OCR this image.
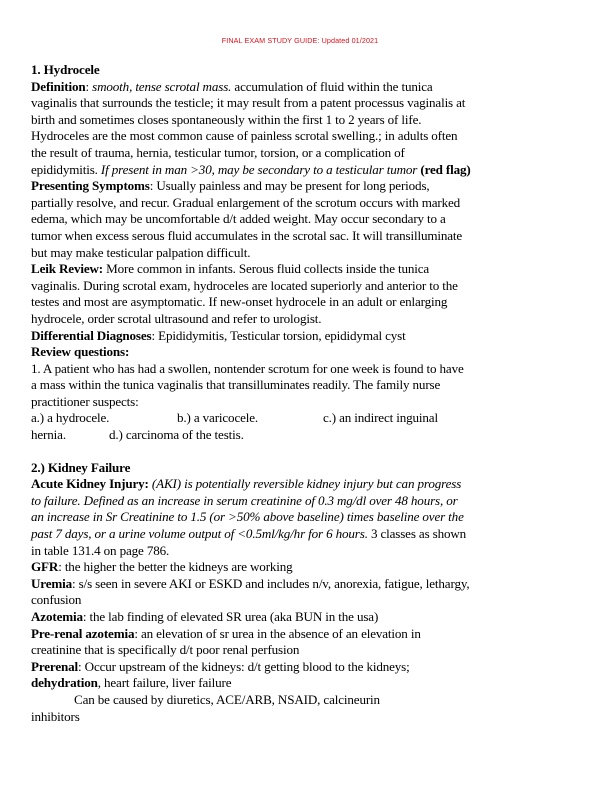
FINAL EXAM STUDY GUIDE: Updated 01/2021

1. Hydrocele

Definition: smooth, tense scrotal mass. accumulation of fluid within the tunica vaginalis that surrounds the testicle; it may result from a patent processus vaginalis at birth and sometimes closes spontaneously within the first 1 to 2 years of life. Hydroceles are the most common cause of painless scrotal swelling.; in adults often the result of trauma, hernia, testicular tumor, torsion, or a complication of epididymitis. If present in man >30, may be secondary to a testicular tumor (red flag)

Presenting Symptoms: Usually painless and may be present for long periods, partially resolve, and recur. Gradual enlargement of the scrotum occurs with marked edema, which may be uncomfortable d/t added weight. May occur secondary to a tumor when excess serous fluid accumulates in the scrotal sac. It will transilluminate but may make testicular palpation difficult.

Leik Review: More common in infants. Serous fluid collects inside the tunica vaginalis. During scrotal exam, hydroceles are located superiorly and anterior to the testes and most are asymptomatic. If new-onset hydrocele in an adult or enlarging hydrocele, order scrotal ultrasound and refer to urologist.

Differential Diagnoses: Epididymitis, Testicular torsion, epididymal cyst

Review questions:

1. A patient who has had a swollen, nontender scrotum for one week is found to have a mass within the tunica vaginalis that transilluminates readily. The family nurse practitioner suspects:

a.) a hydrocele.	b.) a varicocele.	c.) an indirect inguinal

hernia.	d.) carcinoma of the testis.

2.) Kidney Failure

Acute Kidney Injury: (AKI) is potentially reversible kidney injury but can progress to failure. Defined as an increase in serum creatinine of 0.3 mg/dl over 48 hours, or an increase in Sr Creatinine to 1.5 (or >50% above baseline) times baseline over the past 7 days, or a urine volume output of <0.5ml/kg/hr for 6 hours. 3 classes as shown in table 131.4 on page 786.

GFR: the higher the better the kidneys are working

Uremia: s/s seen in severe AKI or ESKD and includes n/v, anorexia, fatigue, lethargy, confusion

Azotemia: the lab finding of elevated SR urea (aka BUN in the usa)

Pre-renal azotemia: an elevation of sr urea in the absence of an elevation in creatinine that is specifically d/t poor renal perfusion

Prerenal: Occur upstream of the kidneys: d/t getting blood to the kidneys;

dehydration, heart failure, liver failure

Can be caused by diuretics, ACE/ARB, NSAID, calcineurin

inhibitors
